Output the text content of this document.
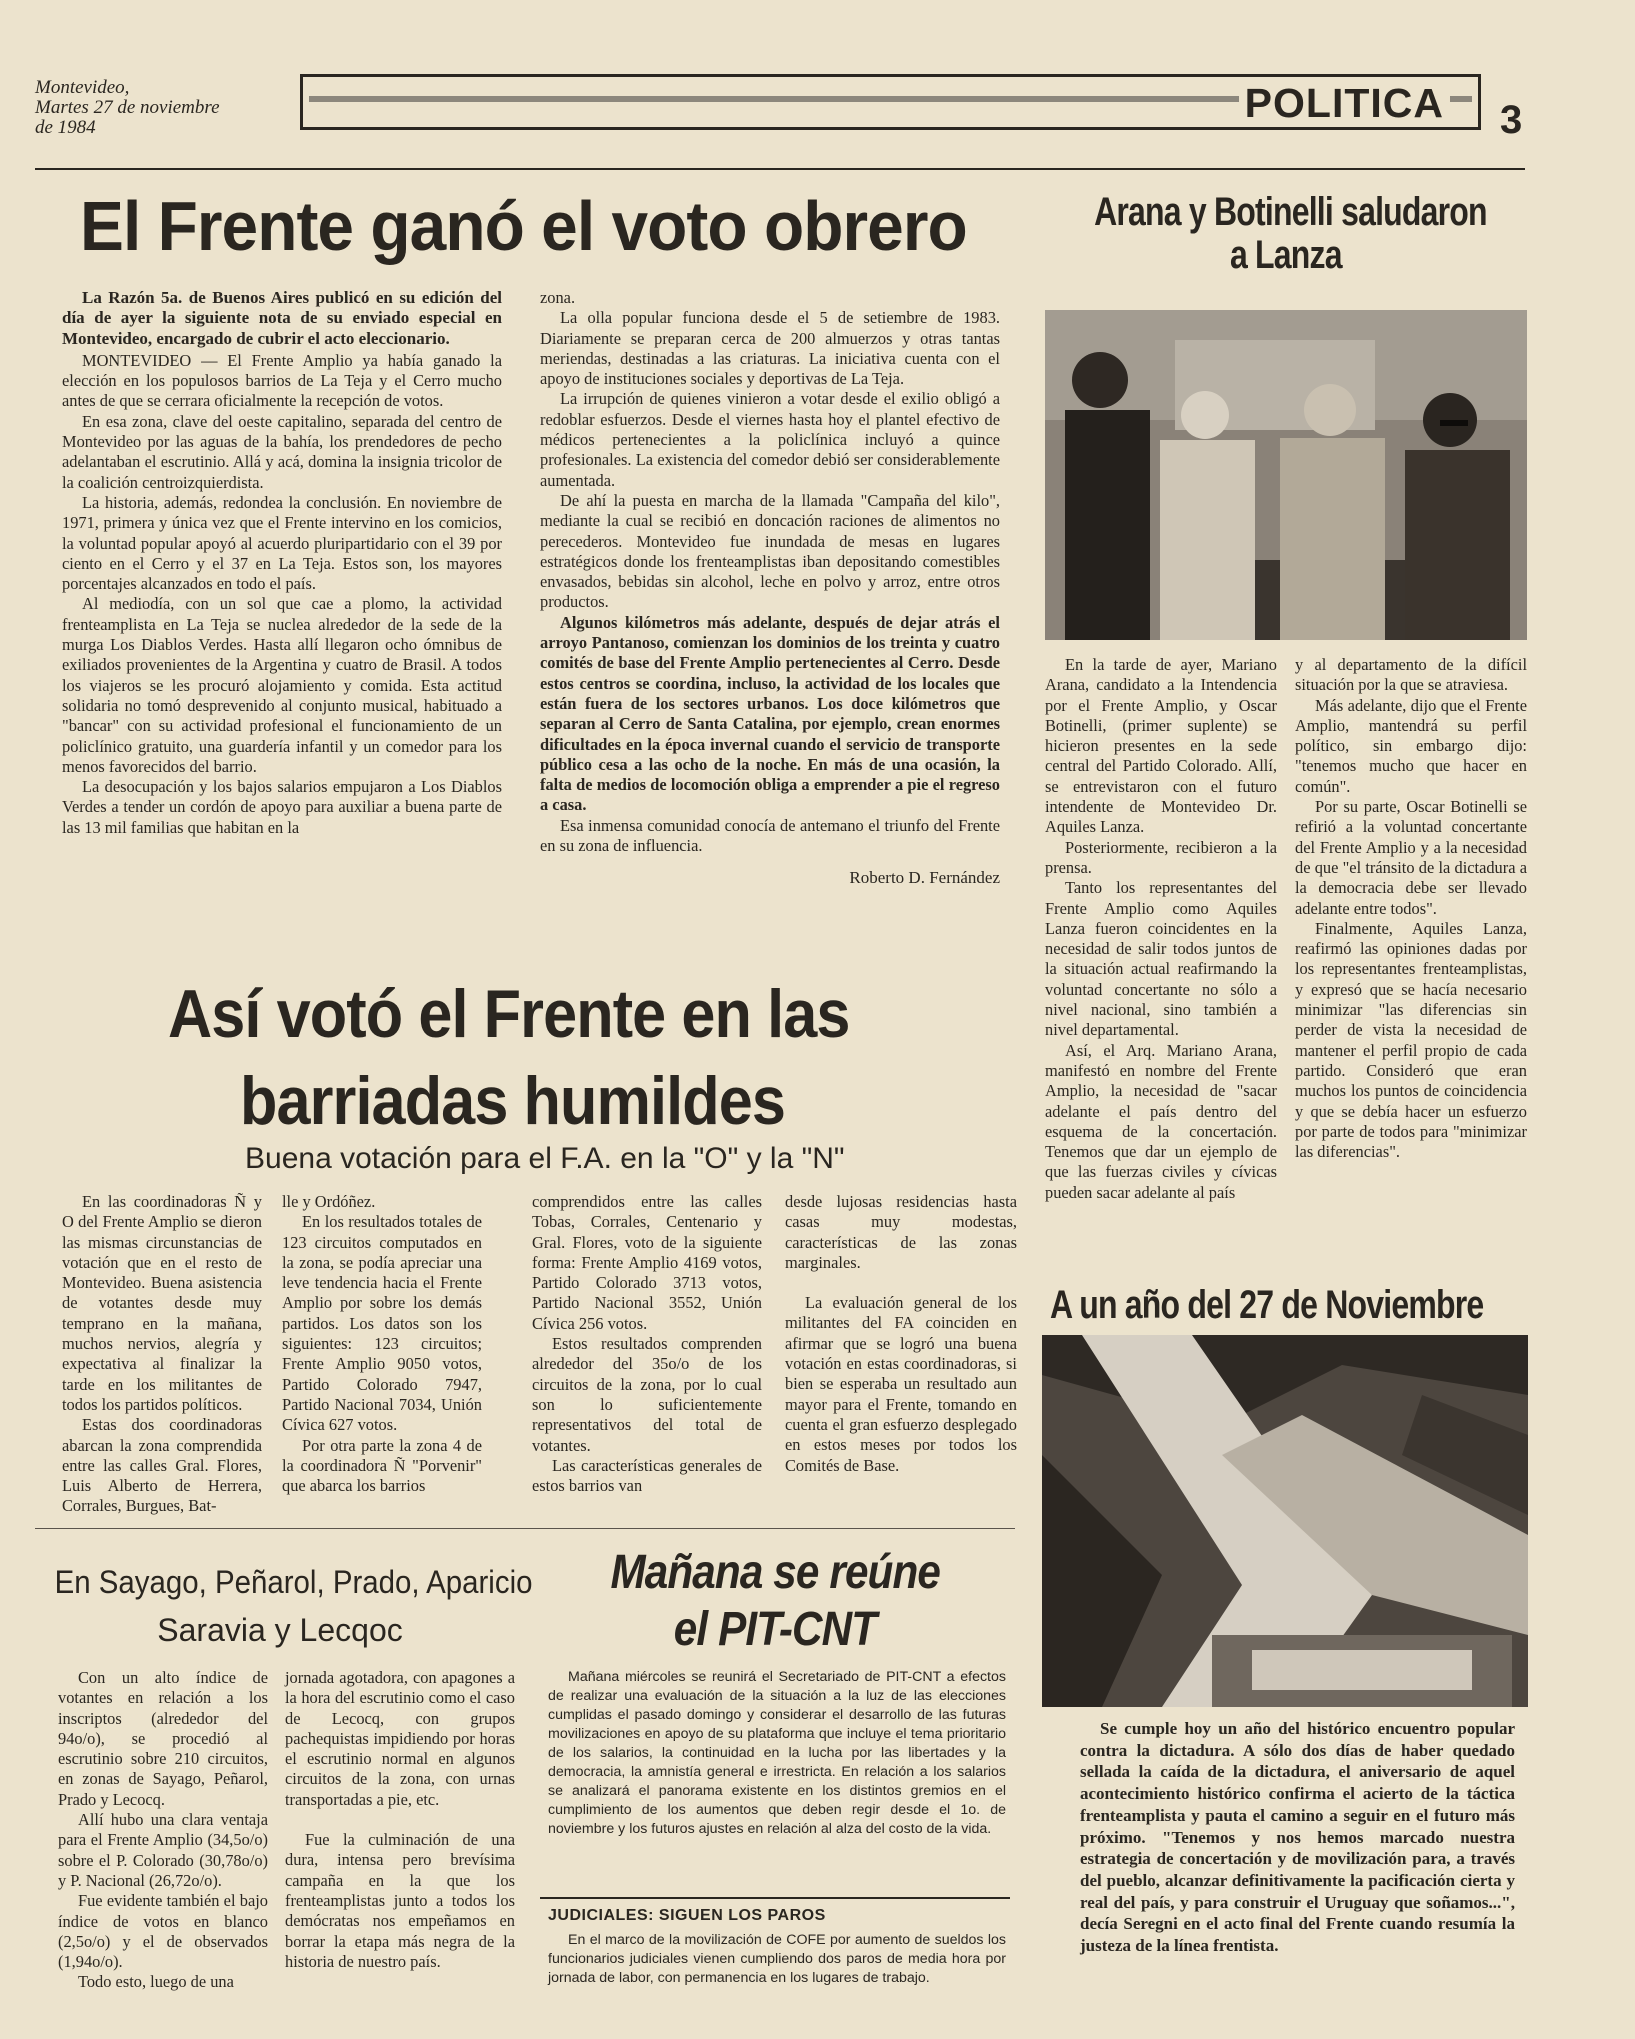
Montevideo,
Martes 27 de noviembre
de 1984
POLITICA 3
El Frente ganó el voto obrero
La Razón 5a. de Buenos Aires publicó en su edición del día de ayer la siguiente nota de su enviado especial en Montevideo, encargado de cubrir el acto eleccionario.

MONTEVIDEO — El Frente Amplio ya había ganado la elección en los populosos barrios de La Teja y el Cerro mucho antes de que se cerrara oficialmente la recepción de votos.

En esa zona, clave del oeste capitalino, separada del centro de Montevideo por las aguas de la bahía, los prendedores de pecho adelantaban el escrutinio. Allá y acá, domina la insignia tricolor de la coalición centroizquierdista.

La historia, además, redondea la conclusión. En noviembre de 1971, primera y única vez que el Frente intervino en los comicios, la voluntad popular apoyó al acuerdo pluripartidario con el 39 por ciento en el Cerro y el 37 en La Teja. Estos son, los mayores porcentajes alcanzados en todo el país.

Al mediodía, con un sol que cae a plomo, la actividad frenteamplista en La Teja se nuclea alrededor de la sede de la murga Los Diablos Verdes. Hasta allí llegaron ocho ómnibus de exiliados provenientes de la Argentina y cuatro de Brasil. A todos los viajeros se les procuró alojamiento y comida. Esta actitud solidaria no tomó desprevenido al conjunto musical, habituado a "bancar" con su actividad profesional el funcionamiento de un policlínico gratuito, una guardería infantil y un comedor para los menos favorecidos del barrio.

La desocupación y los bajos salarios empujaron a Los Diablos Verdes a tender un cordón de apoyo para auxiliar a buena parte de las 13 mil familias que habitan en la

zona.

La olla popular funciona desde el 5 de setiembre de 1983. Diariamente se preparan cerca de 200 almuerzos y otras tantas meriendas, destinadas a las criaturas. La iniciativa cuenta con el apoyo de instituciones sociales y deportivas de La Teja.

La irrupción de quienes vinieron a votar desde el exilio obligó a redoblar esfuerzos. Desde el viernes hasta hoy el plantel efectivo de médicos pertenecientes a la policlínica incluyó a quince profesionales. La existencia del comedor debió ser considerablemente aumentada.

De ahí la puesta en marcha de la llamada "Campaña del kilo", mediante la cual se recibió en doncación raciones de alimentos no perecederos. Montevideo fue inundada de mesas en lugares estratégicos donde los frenteamplistas iban depositando comestibles envasados, bebidas sin alcohol, leche en polvo y arroz, entre otros productos.

Algunos kilómetros más adelante, después de dejar atrás el arroyo Pantanoso, comienzan los dominios de los treinta y cuatro comités de base del Frente Amplio pertenecientes al Cerro. Desde estos centros se coordina, incluso, la actividad de los locales que están fuera de los sectores urbanos. Los doce kilómetros que separan al Cerro de Santa Catalina, por ejemplo, crean enormes dificultades en la época invernal cuando el servicio de transporte público cesa a las ocho de la noche. En más de una ocasión, la falta de medios de locomoción obliga a emprender a pie el regreso a casa.

Esa inmensa comunidad conocía de antemano el triunfo del Frente en su zona de influencia.

Roberto D. Fernández
Arana y Botinelli saludaron
a Lanza

En la tarde de ayer, Mariano Arana, candidato a la Intendencia por el Frente Amplio, y Oscar Botinelli, (primer suplente) se hicieron presentes en la sede central del Partido Colorado. Allí, se entrevistaron con el futuro intendente de Montevideo Dr. Aquiles Lanza.

Posteriormente, recibieron a la prensa.

Tanto los representantes del Frente Amplio como Aquiles Lanza fueron coincidentes en la necesidad de salir todos juntos de la situación actual reafirmando la voluntad concertante no sólo a nivel nacional, sino también a nivel departamental.

Así, el Arq. Mariano Arana, manifestó en nombre del Frente Amplio, la necesidad de "sacar adelante el país dentro del esquema de la concertación. Tenemos que dar un ejemplo de que las fuerzas civiles y cívicas pueden sacar adelante al país

y al departamento de la difícil situación por la que se atraviesa.

Más adelante, dijo que el Frente Amplio, mantendrá su perfil político, sin embargo dijo: "tenemos mucho que hacer en común".

Por su parte, Oscar Botinelli se refirió a la voluntad concertante del Frente Amplio y a la necesidad de que "el tránsito de la dictadura a la democracia debe ser llevado adelante entre todos".

Finalmente, Aquiles Lanza, reafirmó las opiniones dadas por los representantes frenteamplistas, y expresó que se hacía necesario minimizar "las diferencias sin perder de vista la necesidad de mantener el perfil propio de cada partido. Consideró que eran muchos los puntos de coincidencia y que se debía hacer un esfuerzo por parte de todos para "minimizar las diferencias".

Así votó el Frente en las
barriadas humildes
Buena votación para el F.A. en la "O" y la "N"

En las coordinadoras Ñ y O del Frente Amplio se dieron las mismas circunstancias de votación que en el resto de Montevideo. Buena asistencia de votantes desde muy temprano en la mañana, muchos nervios, alegría y expectativa al finalizar la tarde en los militantes de todos los partidos políticos.

Estas dos coordinadoras abarcan la zona comprendida entre las calles Gral. Flores, Luis Alberto de Herrera, Corrales, Burgues, Bat-

lle y Ordóñez.

En los resultados totales de 123 circuitos computados en la zona, se podía apreciar una leve tendencia hacia el Frente Amplio por sobre los demás partidos. Los datos son los siguientes: 123 circuitos; Frente Amplio 9050 votos, Partido Colorado 7947, Partido Nacional 7034, Unión Cívica 627 votos.

Por otra parte la zona 4 de la coordinadora Ñ "Porvenir" que abarca los barrios

comprendidos entre las calles Tobas, Corrales, Centenario y Gral. Flores, voto de la siguiente forma: Frente Amplio 4169 votos, Partido Colorado 3713 votos, Partido Nacional 3552, Unión Cívica 256 votos.

Estos resultados comprenden alrededor del 35o/o de los circuitos de la zona, por lo cual son lo suficientemente representativos del total de votantes.

Las características generales de estos barrios van

desde lujosas residencias hasta casas muy modestas, características de las zonas marginales.

La evaluación general de los militantes del FA coinciden en afirmar que se logró una buena votación en estas coordinadoras, si bien se esperaba un resultado aun mayor para el Frente, tomando en cuenta el gran esfuerzo desplegado en estos meses por todos los Comités de Base.

A un año del 27 de Noviembre

Se cumple hoy un año del histórico encuentro popular contra la dictadura. A sólo dos días de haber quedado sellada la caída de la dictadura, el aniversario de aquel acontecimiento histórico confirma el acierto de la táctica frenteamplista y pauta el camino a seguir en el futuro más próximo. "Tenemos y nos hemos marcado nuestra estrategia de concertación y de movilización para, a través del pueblo, alcanzar definitivamente la pacificación cierta y real del país, y para construir el Uruguay que soñamos...", decía Seregni en el acto final del Frente cuando resumía la justeza de la línea frentista.

En Sayago, Peñarol, Prado, Aparicio
Saravia y Lecqoc

Con un alto índice de votantes en relación a los inscriptos (alrededor del 94o/o), se procedió al escrutinio sobre 210 circuitos, en zonas de Sayago, Peñarol, Prado y Lecocq.

Allí hubo una clara ventaja para el Frente Amplio (34,5o/o) sobre el P. Colorado (30,78o/o) y P. Nacional (26,72o/o).

Fue evidente también el bajo índice de votos en blanco (2,5o/o) y el de observados (1,94o/o).

Todo esto, luego de una

jornada agotadora, con apagones a la hora del escrutinio como el caso de Lecocq, con grupos pachequistas impidiendo por horas el escrutinio normal en algunos circuitos de la zona, con urnas transportadas a pie, etc.

Fue la culminación de una dura, intensa pero brevísima campaña en la que los frenteamplistas junto a todos los demócratas nos empeñamos en borrar la etapa más negra de la historia de nuestro país.

Mañana se reúne
el PIT-CNT

Mañana miércoles se reunirá el Secretariado de PIT-CNT a efectos de realizar una evaluación de la situación a la luz de las elecciones cumplidas el pasado domingo y considerar el desarrollo de las futuras movilizaciones en apoyo de su plataforma que incluye el tema prioritario de los salarios, la continuidad en la lucha por las libertades y la democracia, la amnistía general e irrestricta. En relación a los salarios se analizará el panorama existente en los distintos gremios en el cumplimiento de los aumentos que deben regir desde el 1o. de noviembre y los futuros ajustes en relación al alza del costo de la vida.

JUDICIALES: SIGUEN LOS PAROS

En el marco de la movilización de COFE por aumento de sueldos los funcionarios judiciales vienen cumpliendo dos paros de media hora por jornada de labor, con permanencia en los lugares de trabajo.
